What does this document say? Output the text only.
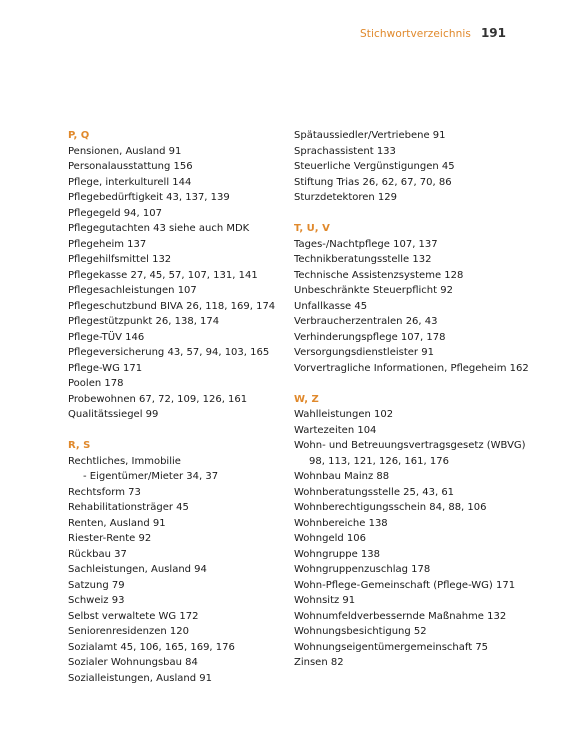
Stichwortverzeichnis 191
P, Q
Pensionen, Ausland 91
Personalausstattung 156
Pflege, interkulturell 144
Pflegebedürftigkeit 43, 137, 139
Pflegegeld 94, 107
Pflegegutachten 43 siehe auch MDK
Pflegeheim 137
Pflegehilfsmittel 132
Pflegekasse 27, 45, 57, 107, 131, 141
Pflegesachleistungen 107
Pflegeschutzbund BIVA 26, 118, 169, 174
Pflegestützpunkt 26, 138, 174
Pflege-TÜV 146
Pflegeversicherung 43, 57, 94, 103, 165
Pflege-WG 171
Poolen 178
Probewohnen 67, 72, 109, 126, 161
Qualitätssiegel 99
R, S
Rechtliches, Immobilie
- Eigentümer/Mieter 34, 37
Rechtsform 73
Rehabilitationsträger 45
Renten, Ausland 91
Riester-Rente 92
Rückbau 37
Sachleistungen, Ausland 94
Satzung 79
Schweiz 93
Selbst verwaltete WG 172
Seniorenresidenzen 120
Sozialamt 45, 106, 165, 169, 176
Sozialer Wohnungsbau 84
Sozialleistungen, Ausland 91
Spätaussiedler/Vertriebene 91
Sprachassistent 133
Steuerliche Vergünstigungen 45
Stiftung Trias 26, 62, 67, 70, 86
Sturzdetektoren 129
T, U, V
Tages-/Nachtpflege 107, 137
Technikberatungsstelle 132
Technische Assistenzsysteme 128
Unbeschränkte Steuerpflicht 92
Unfallkasse 45
Verbraucherzentralen 26, 43
Verhinderungspflege 107, 178
Versorgungsdienstleister 91
Vorvertragliche Informationen, Pflegeheim 162
W, Z
Wahlleistungen 102
Wartezeiten 104
Wohn- und Betreuungsvertragsgesetz (WBVG)
98, 113, 121, 126, 161, 176
Wohnbau Mainz 88
Wohnberatungsstelle 25, 43, 61
Wohnberechtigungsschein 84, 88, 106
Wohnbereiche 138
Wohngeld 106
Wohngruppe 138
Wohngruppenzuschlag 178
Wohn-Pflege-Gemeinschaft (Pflege-WG) 171
Wohnsitz 91
Wohnumfeldverbessernde Maßnahme 132
Wohnungsbesichtigung 52
Wohnungseigentümergemeinschaft 75
Zinsen 82
